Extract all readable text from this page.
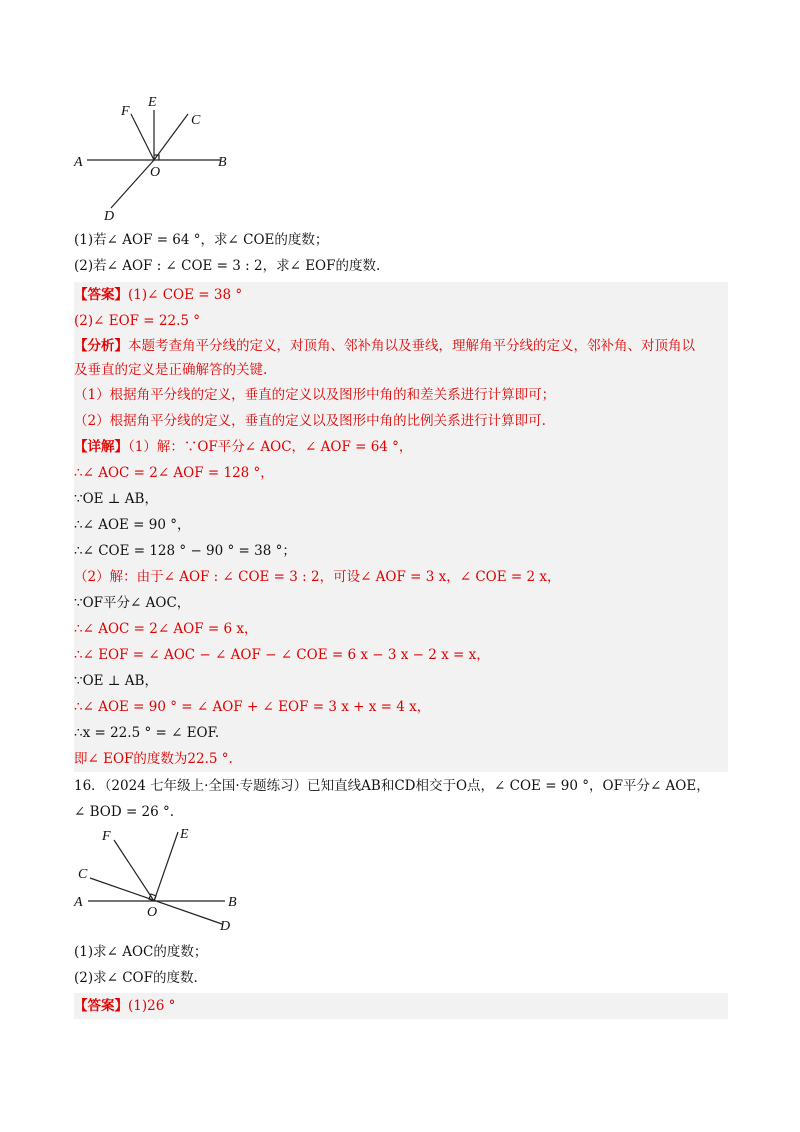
F
E
C
A
O
B
D
(1)若∠ AOF = 64 °，求∠ COE的度数；
(2)若∠ AOF : ∠ COE = 3 : 2，求∠ EOF的度数.
【答案】(1)∠ COE = 38 °
(2)∠ EOF = 22.5 °
【分析】本题考查角平分线的定义，对顶角、邻补角以及垂线，理解角平分线的定义，邻补角、对顶角以
及垂直的定义是正确解答的关键.
（1）根据角平分线的定义，垂直的定义以及图形中角的和差关系进行计算即可；
（2）根据角平分线的定义，垂直的定义以及图形中角的比例关系进行计算即可.
【详解】（1）解：∵OF平分∠ AOC，∠ AOF = 64 °，
∴∠ AOC = 2∠ AOF = 128 °，
∵OE ⊥ AB，
∴∠ AOE = 90 °，
∴∠ COE = 128 ° − 90 ° = 38 °；
（2）解：由于∠ AOF : ∠ COE = 3 : 2，可设∠ AOF = 3 x，∠ COE = 2 x，
∵OF平分∠ AOC，
∴∠ AOC = 2∠ AOF = 6 x，
∴∠ EOF = ∠ AOC − ∠ AOF − ∠ COE = 6 x − 3 x − 2 x = x，
∵OE ⊥ AB，
∴∠ AOE = 90 ° = ∠ AOF + ∠ EOF = 3 x + x = 4 x，
∴x = 22.5 ° = ∠ EOF.
即∠ EOF的度数为22.5 °.
16．（2024 七年级上·全国·专题练习）已知直线AB和CD相交于O点，∠ COE = 90 °，OF平分∠ AOE，
∠ BOD = 26 °.
F	E
C
A
O
B
D
(1)求∠ AOC的度数；
(2)求∠ COF的度数.
【答案】(1)26 °
